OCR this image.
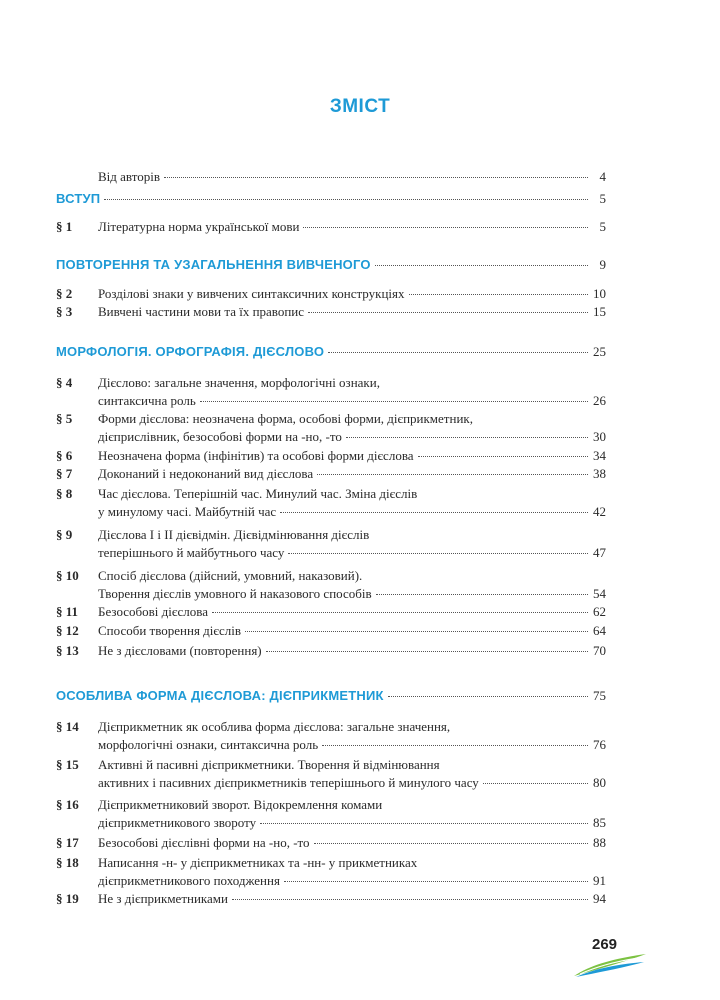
ЗМІСТ
Від авторів	4
ВСТУП	5
§ 1 Літературна норма української мови	5
ПОВТОРЕННЯ ТА УЗАГАЛЬНЕННЯ ВИВЧЕНОГО	9
§ 2 Розділові знаки у вивчених синтаксичних конструкціях	10
§ 3 Вивчені частини мови та їх правопис	15
МОРФОЛОГІЯ. ОРФОГРАФІЯ. ДІЄСЛОВО	25
§ 4 Дієслово: загальне значення, морфологічні ознаки,
синтаксична роль	26
§ 5 Форми дієслова: неозначена форма, особові форми, дієприкметник,
дієприслівник, безособові форми на -но, -то	30
§ 6 Неозначена форма (інфінітив) та особові форми дієслова	34
§ 7 Доконаний і недоконаний вид дієслова	38
§ 8 Час дієслова. Теперішній час. Минулий час. Зміна дієслів
у минулому часі. Майбутній час	42
§ 9 Дієслова I і II дієвідмін. Дієвідмінювання дієслів
теперішнього й майбутнього часу	47
§ 10 Спосіб дієслова (дійсний, умовний, наказовий).
Творення дієслів умовного й наказового способів	54
§ 11 Безособові дієслова	62
§ 12 Способи творення дієслів	64
§ 13 Не з дієсловами (повторення)	70
ОСОБЛИВА ФОРМА ДІЄСЛОВА: ДІЄПРИКМЕТНИК	75
§ 14 Дієприкметник як особлива форма дієслова: загальне значення,
морфологічні ознаки, синтаксична роль	76
§ 15 Активні й пасивні дієприкметники. Творення й відмінювання
активних і пасивних дієприкметників теперішнього й минулого часу	80
§ 16 Дієприкметниковий зворот. Відокремлення комами
дієприкметникового звороту	85
§ 17 Безособові дієслівні форми на -но, -то	88
§ 18 Написання -н- у дієприкметниках та -нн- у прикметниках
дієприкметникового походження	91
§ 19 Не з дієприкметниками	94
269
